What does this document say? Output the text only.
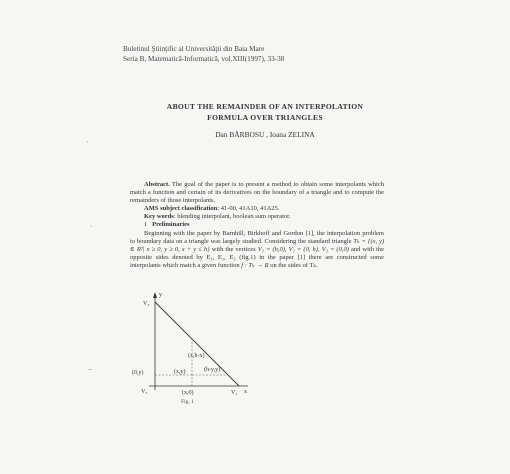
Buletinul Ştiinţific al Universităţii din Baia Mare
Seria B, Matematică-Informatică, vol.XIII(1997), 33-38
ABOUT THE REMAINDER OF AN INTERPOLATION
FORMULA OVER TRIANGLES
Dan BĂRBOSU , Ioana ZELINA

Abstract. The goal of the paper is to present a method to obtain some interpolants which match a function and certain of its derivatives on the boundary of a triangle and to compute the remainders of those interpolants.

AMS subject classification: 41-00, 41A10, 41A25.

Key words: blending interpolant, boolean sum operator.

1 Preliminaries

Beginning with the paper by Barnhill, Birkhoff and Gordon [1], the interpolation problem to boundary data on a triangle was largely studied. Considering the standard triangle Tₕ = {(x, y) ∈ R²| x ≥ 0, y ≥ 0, x + y ≤ h} with the vertices V₁ = (h,0), V₂ = (0, h), V₃ = (0,0) and with the opposite sides denoted by E₁, E₂, E₃ (fig.1) in the paper [1] there are constructed some interpolants which match a given function f : Tₕ → R on the sides of Tₕ.

y
x
V₂
V₃	V₁
(0,y)	(x,y)
(x,0)
(x,h-x)
(h-y,y)
Fig. 1
·
·
–
